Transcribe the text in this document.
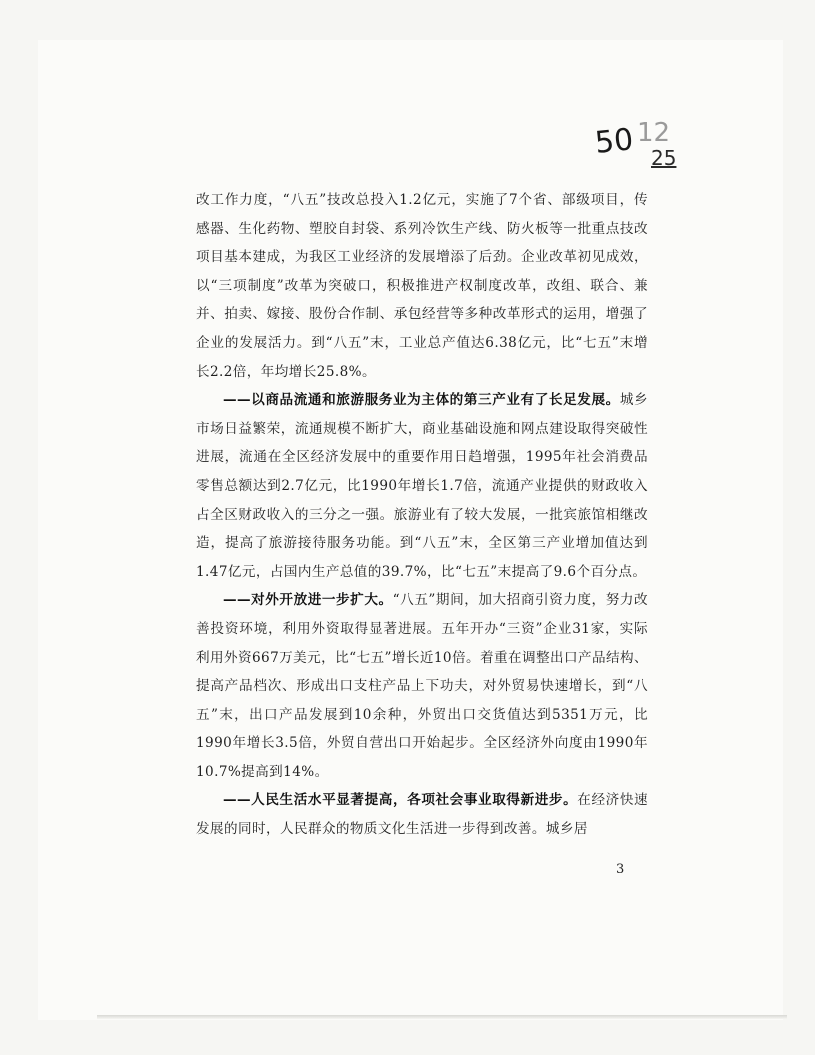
50 12
25

改工作力度，“八五”技改总投入1.2亿元，实施了7个省、部级项目，传感器、生化药物、塑胶自封袋、系列冷饮生产线、防火板等一批重点技改项目基本建成，为我区工业经济的发展增添了后劲。企业改革初见成效，以“三项制度”改革为突破口，积极推进产权制度改革，改组、联合、兼并、拍卖、嫁接、股份合作制、承包经营等多种改革形式的运用，增强了企业的发展活力。到“八五”末，工业总产值达6.38亿元，比“七五”末增长2.2倍，年均增长25.8%。

——以商品流通和旅游服务业为主体的第三产业有了长足发展。城乡市场日益繁荣，流通规模不断扩大，商业基础设施和网点建设取得突破性进展，流通在全区经济发展中的重要作用日趋增强，1995年社会消费品零售总额达到2.7亿元，比1990年增长1.7倍，流通产业提供的财政收入占全区财政收入的三分之一强。旅游业有了较大发展，一批宾旅馆相继改造，提高了旅游接待服务功能。到“八五”末，全区第三产业增加值达到1.47亿元，占国内生产总值的39.7%，比“七五”末提高了9.6个百分点。

——对外开放进一步扩大。“八五”期间，加大招商引资力度，努力改善投资环境，利用外资取得显著进展。五年开办“三资”企业31家，实际利用外资667万美元，比“七五”增长近10倍。着重在调整出口产品结构、提高产品档次、形成出口支柱产品上下功夫，对外贸易快速增长，到“八五”末，出口产品发展到10余种，外贸出口交货值达到5351万元，比1990年增长3.5倍，外贸自营出口开始起步。全区经济外向度由1990年10.7%提高到14%。

——人民生活水平显著提高，各项社会事业取得新进步。在经济快速发展的同时，人民群众的物质文化生活进一步得到改善。城乡居

3
